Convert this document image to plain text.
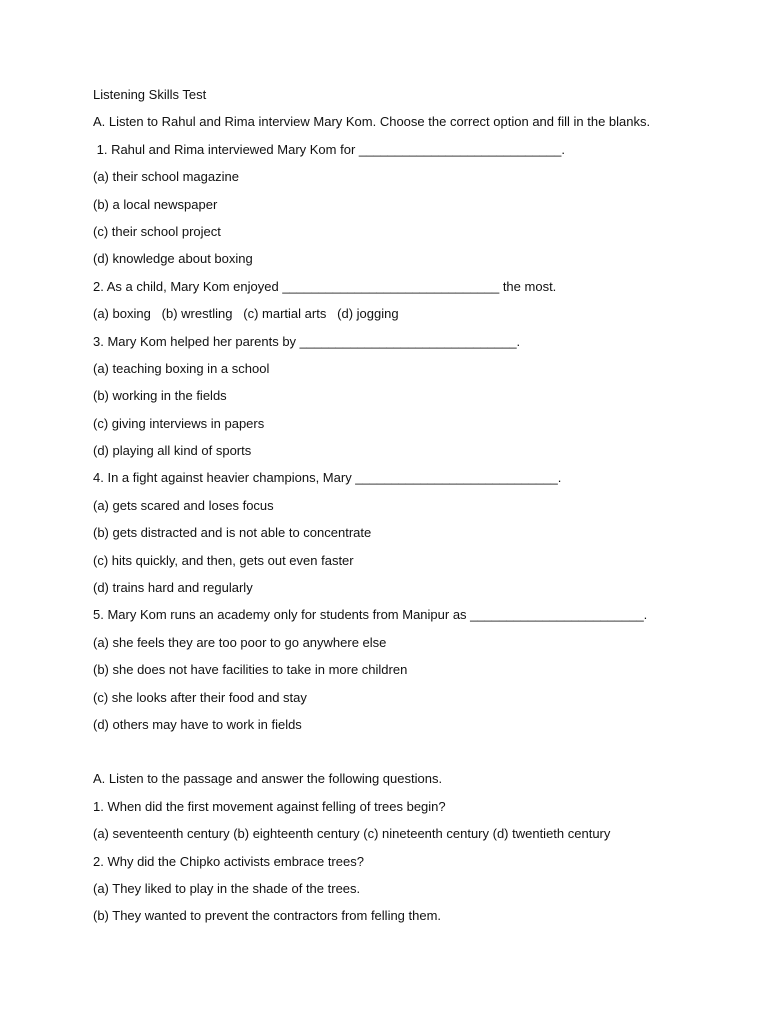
Listening Skills Test
A. Listen to Rahul and Rima interview Mary Kom. Choose the correct option and fill in the blanks.
1. Rahul and Rima interviewed Mary Kom for ____________________________.
(a) their school magazine
(b) a local newspaper
(c) their school project
(d) knowledge about boxing
2. As a child, Mary Kom enjoyed ______________________________ the most.
(a) boxing   (b) wrestling   (c) martial arts   (d) jogging
3. Mary Kom helped her parents by ______________________________.
(a) teaching boxing in a school
(b) working in the fields
(c) giving interviews in papers
(d) playing all kind of sports
4. In a fight against heavier champions, Mary ____________________________.
(a) gets scared and loses focus
(b) gets distracted and is not able to concentrate
(c) hits quickly, and then, gets out even faster
(d) trains hard and regularly
5. Mary Kom runs an academy only for students from Manipur as ________________________.
(a) she feels they are too poor to go anywhere else
(b) she does not have facilities to take in more children
(c) she looks after their food and stay
(d) others may have to work in fields
A. Listen to the passage and answer the following questions.
1. When did the first movement against felling of trees begin?
(a) seventeenth century (b) eighteenth century (c) nineteenth century (d) twentieth century
2. Why did the Chipko activists embrace trees?
(a) They liked to play in the shade of the trees.
(b) They wanted to prevent the contractors from felling them.
